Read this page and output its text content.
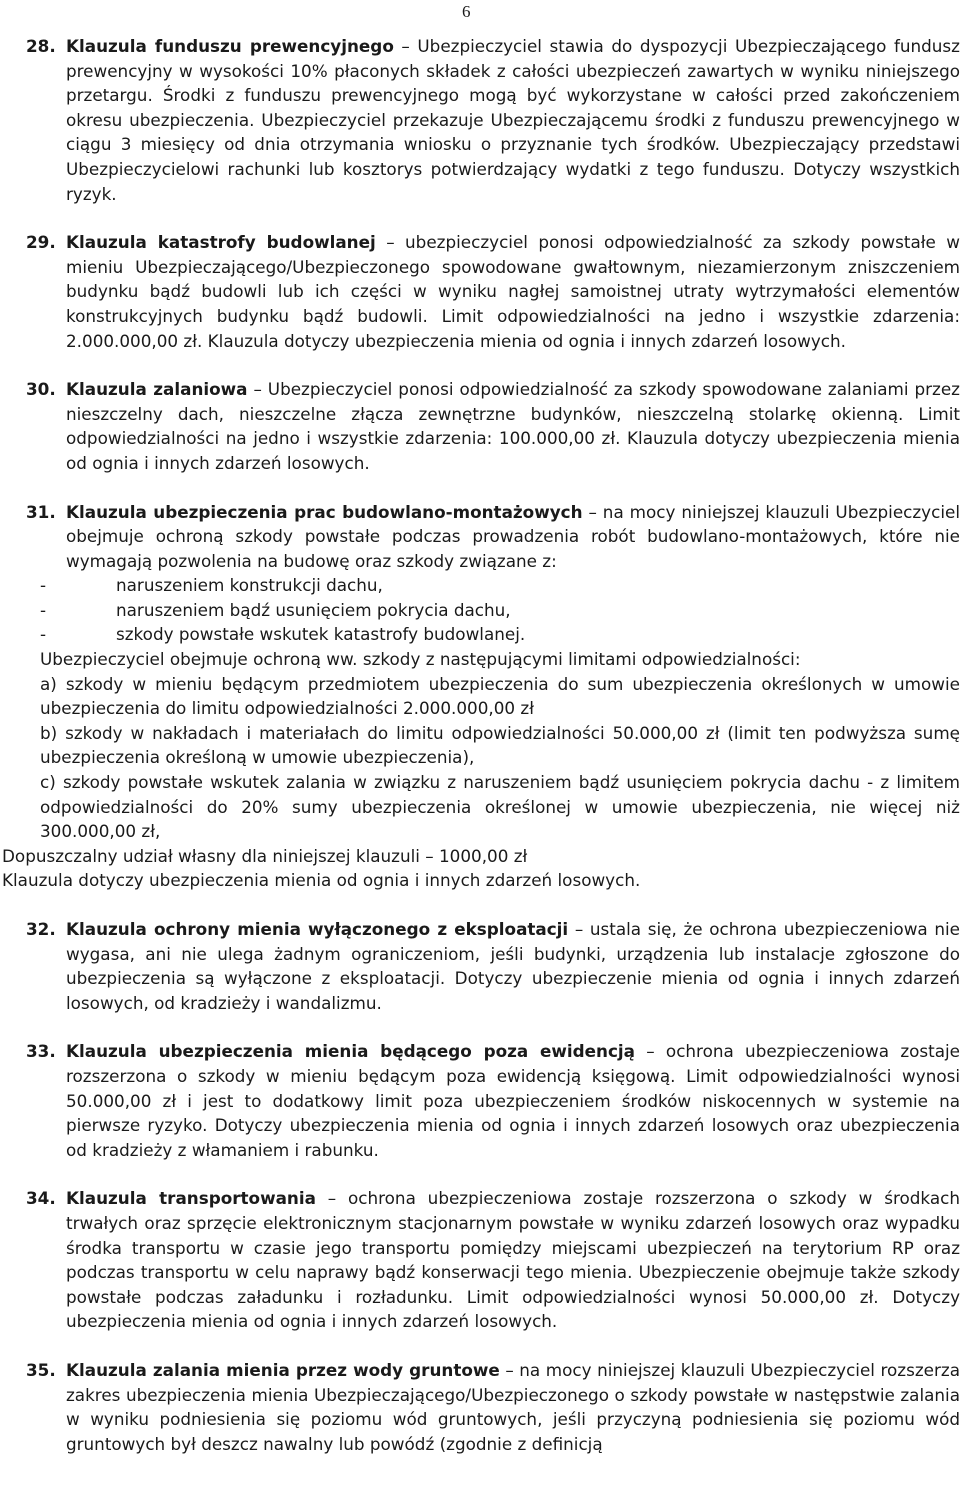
6
28. Klauzula funduszu prewencyjnego – Ubezpieczyciel stawia do dyspozycji Ubezpieczającego fundusz prewencyjny w wysokości 10% płaconych składek z całości ubezpieczeń zawartych w wyniku niniejszego przetargu. Środki z funduszu prewencyjnego mogą być wykorzystane w całości przed zakończeniem okresu ubezpieczenia. Ubezpieczyciel przekazuje Ubezpieczającemu środki z funduszu prewencyjnego w ciągu 3 miesięcy od dnia otrzymania wniosku o przyznanie tych środków. Ubezpieczający przedstawi Ubezpieczycielowi rachunki lub kosztorys potwierdzający wydatki z tego funduszu. Dotyczy wszystkich ryzyk.
29. Klauzula katastrofy budowlanej – ubezpieczyciel ponosi odpowiedzialność za szkody powstałe w mieniu Ubezpieczającego/Ubezpieczonego spowodowane gwałtownym, niezamierzonym zniszczeniem budynku bądź budowli lub ich części w wyniku nagłej samoistnej utraty wytrzymałości elementów konstrukcyjnych budynku bądź budowli. Limit odpowiedzialności na jedno i wszystkie zdarzenia: 2.000.000,00 zł. Klauzula dotyczy ubezpieczenia mienia od ognia i innych zdarzeń losowych.
30. Klauzula zalaniowa – Ubezpieczyciel ponosi odpowiedzialność za szkody spowodowane zalaniami przez nieszczelny dach, nieszczelne złącza zewnętrzne budynków, nieszczelną stolarkę okienną. Limit odpowiedzialności na jedno i wszystkie zdarzenia: 100.000,00 zł. Klauzula dotyczy ubezpieczenia mienia od ognia i innych zdarzeń losowych.
31. Klauzula ubezpieczenia prac budowlano-montażowych – na mocy niniejszej klauzuli Ubezpieczyciel obejmuje ochroną szkody powstałe podczas prowadzenia robót budowlano-montażowych, które nie wymagają pozwolenia na budowę oraz szkody związane z:
-	naruszeniem konstrukcji dachu,
-	naruszeniem bądź usunięciem pokrycia dachu,
-	szkody powstałe wskutek katastrofy budowlanej.
Ubezpieczyciel obejmuje ochroną ww. szkody z następującymi limitami odpowiedzialności:
a) szkody w mieniu będącym przedmiotem ubezpieczenia do sum ubezpieczenia określonych w umowie ubezpieczenia do limitu odpowiedzialności 2.000.000,00 zł
b) szkody w nakładach i materiałach do limitu odpowiedzialności 50.000,00 zł (limit ten podwyższa sumę ubezpieczenia określoną w umowie ubezpieczenia),
c) szkody powstałe wskutek zalania w związku z naruszeniem bądź usunięciem pokrycia dachu - z limitem odpowiedzialności do 20% sumy ubezpieczenia określonej w umowie ubezpieczenia, nie więcej niż 300.000,00 zł,
Dopuszczalny udział własny dla niniejszej klauzuli – 1000,00 zł
Klauzula dotyczy ubezpieczenia mienia od ognia i innych zdarzeń losowych.
32. Klauzula ochrony mienia wyłączonego z eksploatacji – ustala się, że ochrona ubezpieczeniowa nie wygasa, ani nie ulega żadnym ograniczeniom, jeśli budynki, urządzenia lub instalacje zgłoszone do ubezpieczenia są wyłączone z eksploatacji. Dotyczy ubezpieczenie mienia od ognia i innych zdarzeń losowych, od kradzieży i wandalizmu.
33. Klauzula ubezpieczenia mienia będącego poza ewidencją – ochrona ubezpieczeniowa zostaje rozszerzona o szkody w mieniu będącym poza ewidencją księgową. Limit odpowiedzialności wynosi 50.000,00 zł i jest to dodatkowy limit poza ubezpieczeniem środków niskocennych w systemie na pierwsze ryzyko. Dotyczy ubezpieczenia mienia od ognia i innych zdarzeń losowych oraz ubezpieczenia od kradzieży z włamaniem i rabunku.
34. Klauzula transportowania – ochrona ubezpieczeniowa zostaje rozszerzona o szkody w środkach trwałych oraz sprzęcie elektronicznym stacjonarnym powstałe w wyniku zdarzeń losowych oraz wypadku środka transportu w czasie jego transportu pomiędzy miejscami ubezpieczeń na terytorium RP oraz podczas transportu w celu naprawy bądź konserwacji tego mienia. Ubezpieczenie obejmuje także szkody powstałe podczas załadunku i rozładunku. Limit odpowiedzialności wynosi 50.000,00 zł. Dotyczy ubezpieczenia mienia od ognia i innych zdarzeń losowych.
35. Klauzula zalania mienia przez wody gruntowe – na mocy niniejszej klauzuli Ubezpieczyciel rozszerza zakres ubezpieczenia mienia Ubezpieczającego/Ubezpieczonego o szkody powstałe w następstwie zalania w wyniku podniesienia się poziomu wód gruntowych, jeśli przyczyną podniesienia się poziomu wód gruntowych był deszcz nawalny lub powódź (zgodnie z definicją
